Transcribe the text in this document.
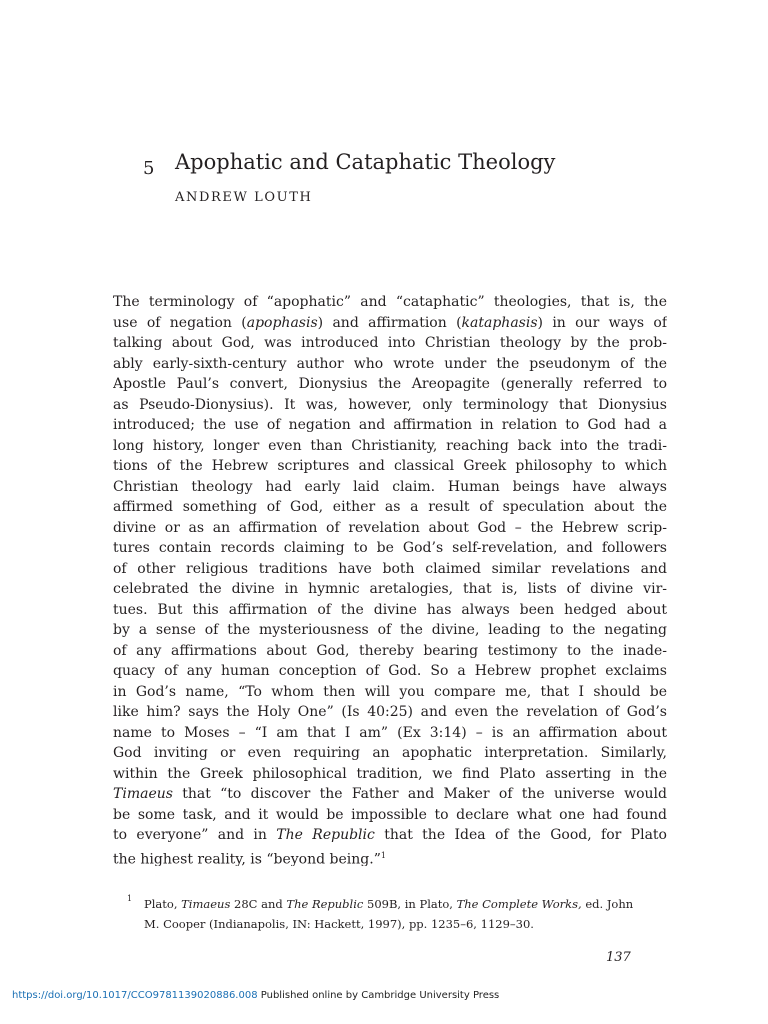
5 Apophatic and Cataphatic Theology
ANDREW LOUTH
The terminology of “apophatic” and “cataphatic” theologies, that is, the
use of negation (apophasis) and affirmation (kataphasis) in our ways of
talking about God, was introduced into Christian theology by the prob-
ably early-sixth-century author who wrote under the pseudonym of the
Apostle Paul’s convert, Dionysius the Areopagite (generally referred to
as Pseudo-Dionysius). It was, however, only terminology that Dionysius
introduced; the use of negation and affirmation in relation to God had a
long history, longer even than Christianity, reaching back into the tradi-
tions of the Hebrew scriptures and classical Greek philosophy to which
Christian theology had early laid claim. Human beings have always
affirmed something of God, either as a result of speculation about the
divine or as an affirmation of revelation about God – the Hebrew scrip-
tures contain records claiming to be God’s self-revelation, and followers
of other religious traditions have both claimed similar revelations and
celebrated the divine in hymnic aretalogies, that is, lists of divine vir-
tues. But this affirmation of the divine has always been hedged about
by a sense of the mysteriousness of the divine, leading to the negating
of any affirmations about God, thereby bearing testimony to the inade-
quacy of any human conception of God. So a Hebrew prophet exclaims
in God’s name, “To whom then will you compare me, that I should be
like him? says the Holy One” (Is 40:25) and even the revelation of God’s
name to Moses – “I am that I am” (Ex 3:14) – is an affirmation about
God inviting or even requiring an apophatic interpretation. Similarly,
within the Greek philosophical tradition, we find Plato asserting in the
Timaeus that “to discover the Father and Maker of the universe would
be some task, and it would be impossible to declare what one had found
to everyone” and in The Republic that the Idea of the Good, for Plato
the highest reality, is “beyond being.”$^1$
1 Plato, Timaeus 28C and The Republic 509B, in Plato, The Complete Works, ed. John
M. Cooper (Indianapolis, IN: Hackett, 1997), pp. 1235–6, 1129–30.
137
https://doi.org/10.1017/CCO9781139020886.008 Published online by Cambridge University Press
